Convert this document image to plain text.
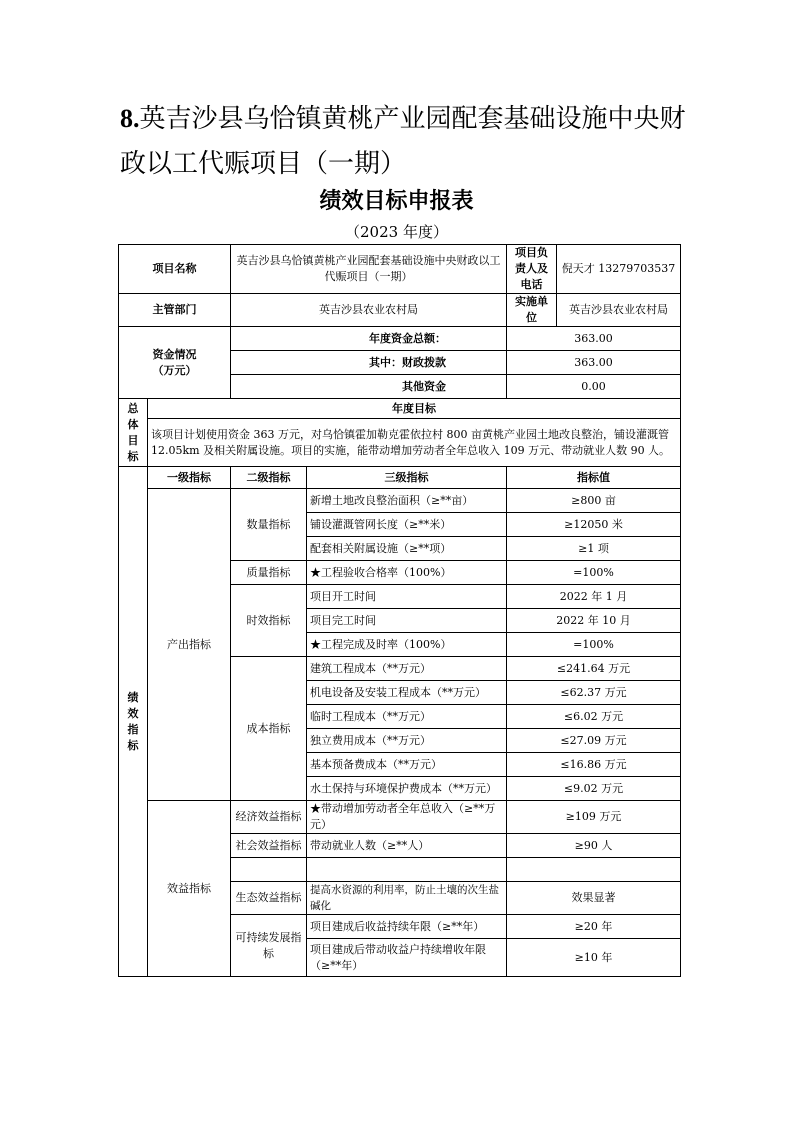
8.英吉沙县乌恰镇黄桃产业园配套基础设施中央财政以工代赈项目（一期）
绩效目标申报表
（2023 年度）
项目名称		英吉沙县乌恰镇黄桃产业园配套基础设施中央财政以工代赈项目（一期）		项目负责人及电话	倪天才 13279703537
主管部门		英吉沙县农业农村局		实施单位	英吉沙县农业农村局

资金情况
（万元）		年度资金总额：		363.00	
		其中：财政拨款		363.00	
		其他资金		0.00	
总
体
目
标	年度目标				
	该项目计划使用资金 363 万元，对乌恰镇霍加勒克霍依拉村 800 亩黄桃产业园土地改良整治，铺设灌溉管 12.05km 及相关附属设施。项目的实施，能带动增加劳动者全年总收入 109 万元、带动就业人数 90 人。				
绩
效
指
标	一级指标	二级指标	三级指标	指标值	
	产出指标	数量指标	新增土地改良整治面积（≥**亩）	≥800 亩	
			铺设灌溉管网长度（≥**米）	≥12050 米	
			配套相关附属设施（≥**项）	≥1 项	
		质量指标	★工程验收合格率（100%）	=100%	
		时效指标	项目开工时间	2022 年 1 月	
			项目完工时间	2022 年 10 月	
			★工程完成及时率（100%）	=100%	
		成本指标	建筑工程成本（**万元）	≤241.64 万元	
			机电设备及安装工程成本（**万元）	≤62.37 万元	
			临时工程成本（**万元）	≤6.02 万元	
			独立费用成本（**万元）	≤27.09 万元	
			基本预备费成本（**万元）	≤16.86 万元	
			水土保持与环境保护费成本（**万元）	≤9.02 万元	
	效益指标	经济效益指标	★带动增加劳动者全年总收入（≥**万元）	≥109 万元	
		社会效益指标	带动就业人数（≥**人）	≥90 人	

		生态效益指标	提高水资源的利用率，防止土壤的次生盐碱化	效果显著	
		可持续发展指标	项目建成后收益持续年限（≥**年）	≥20 年	
			项目建成后带动收益户持续增收年限（≥**年）	≥10 年	
